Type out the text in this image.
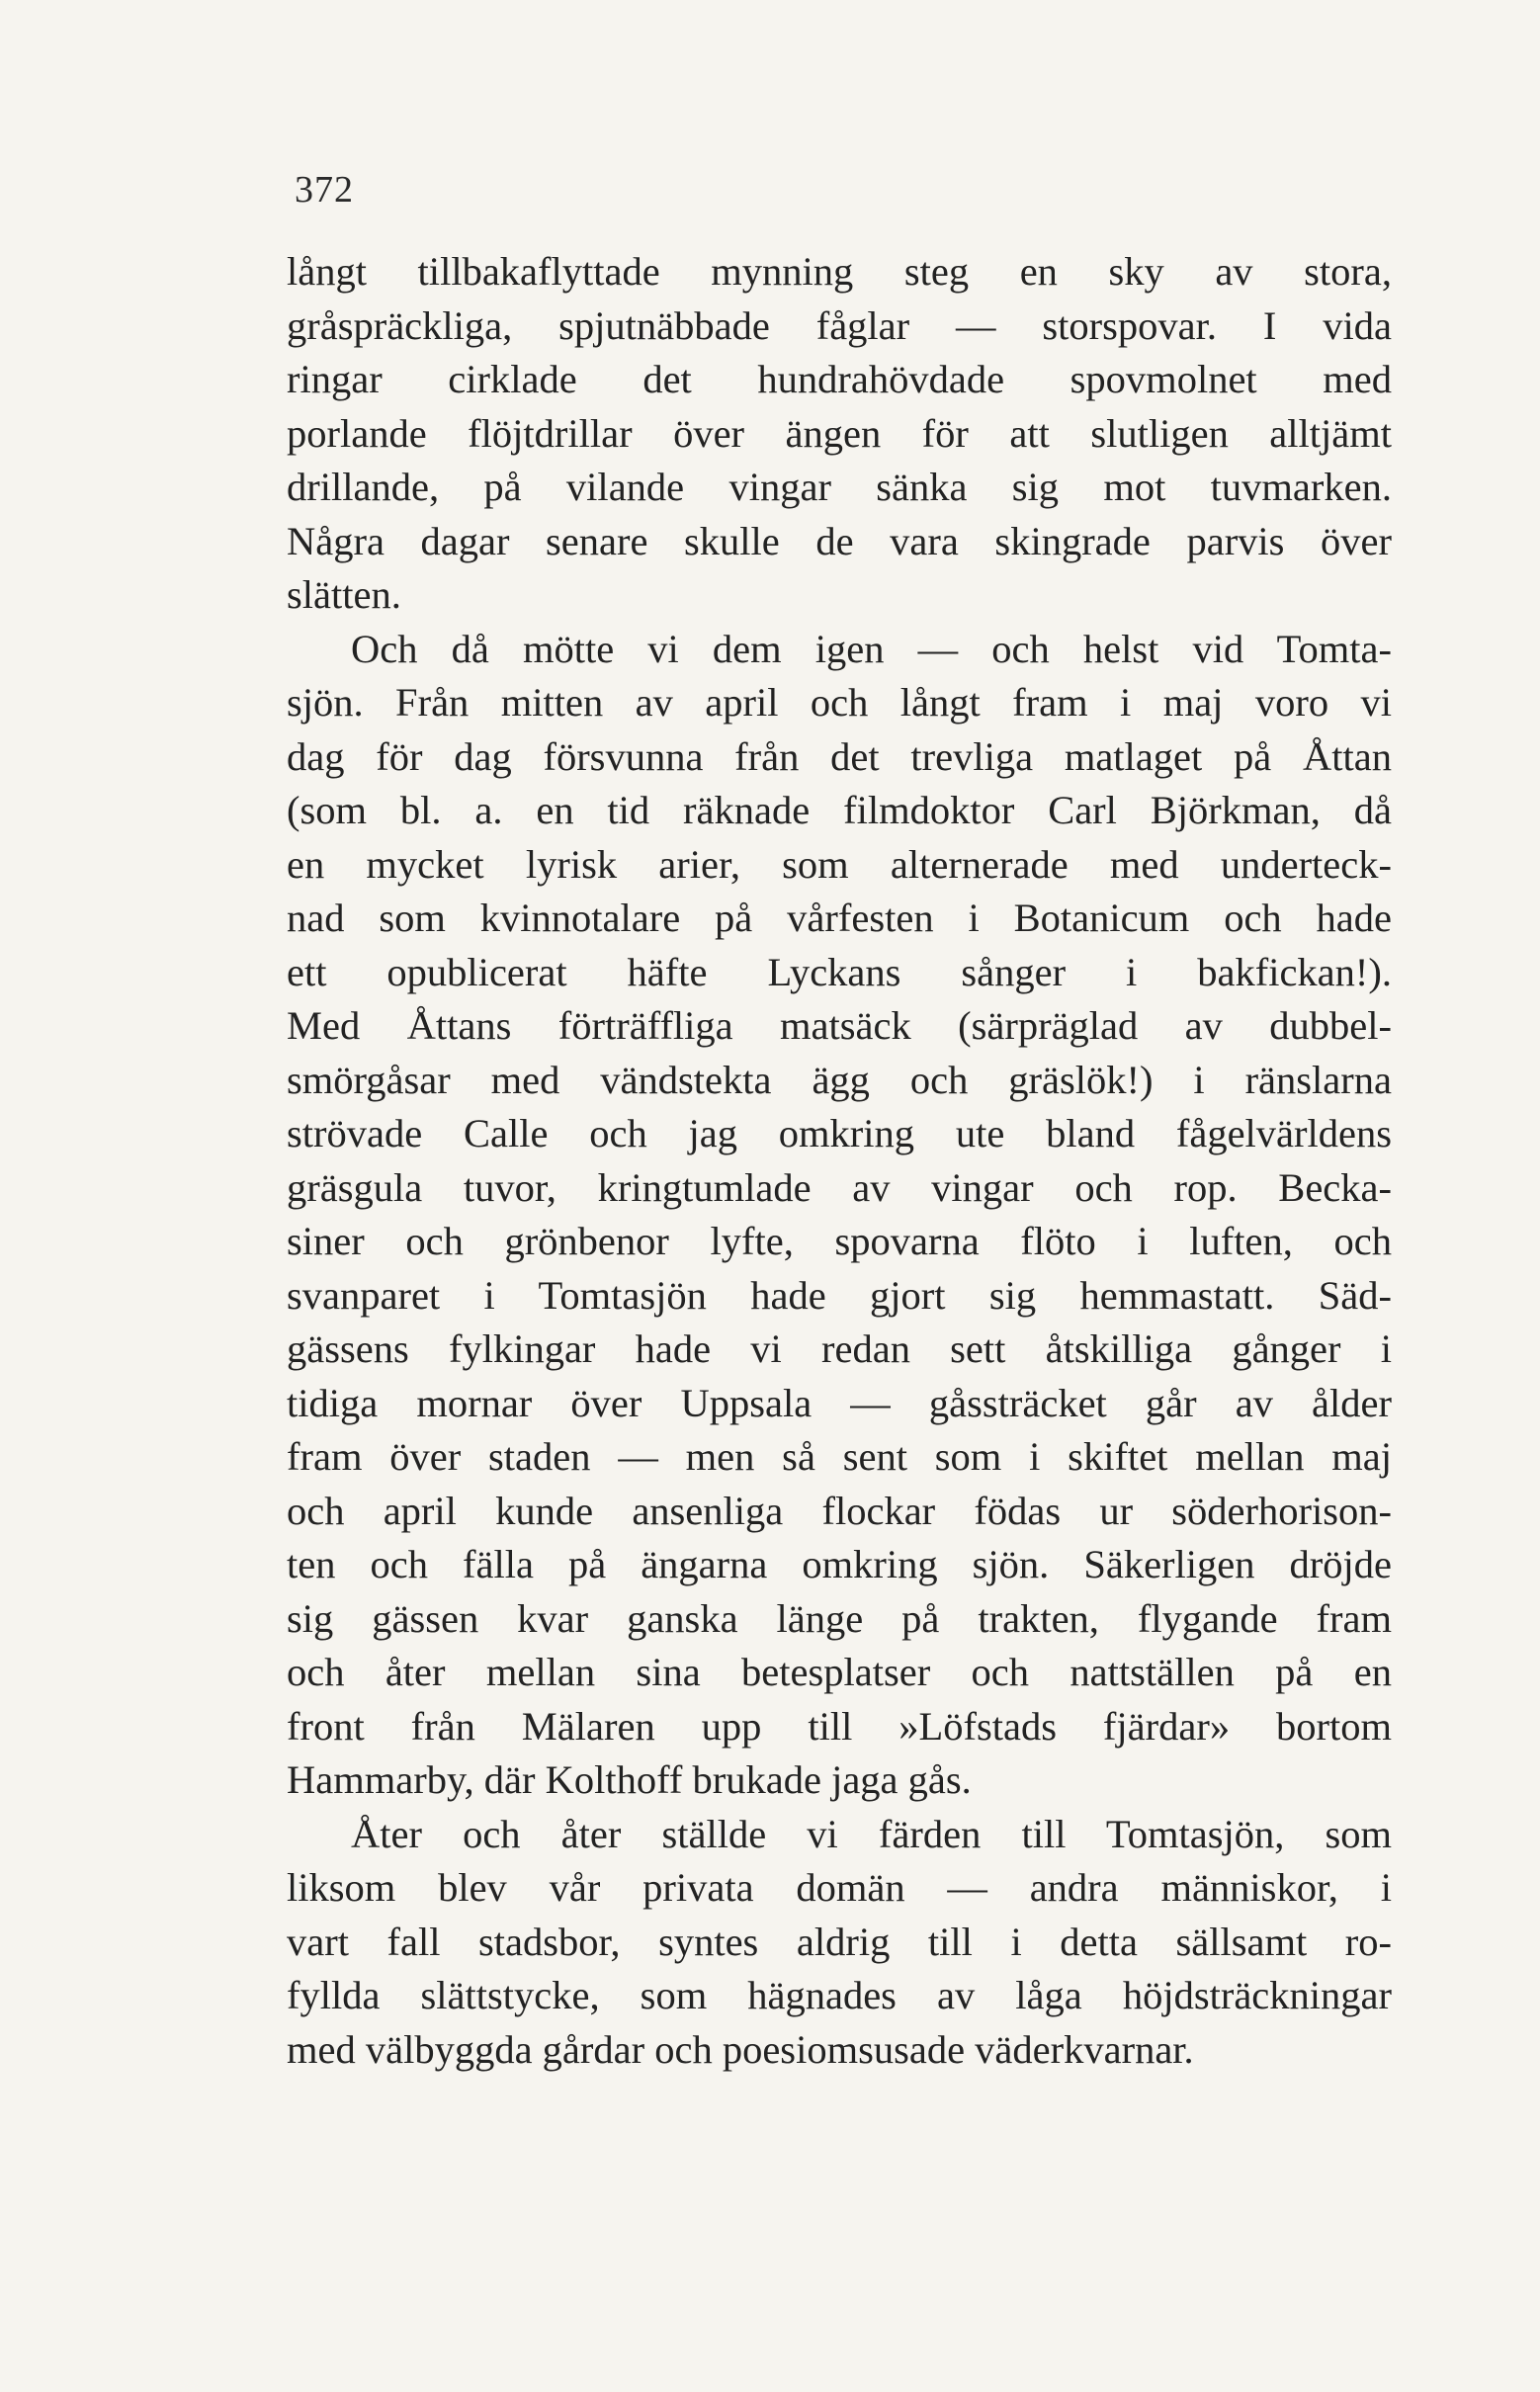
372
långt tillbakaflyttade mynning steg en sky av stora,
gråspräckliga, spjutnäbbade fåglar — storspovar. I vida
ringar cirklade det hundrahövdade spovmolnet med
porlande flöjtdrillar över ängen för att slutligen alltjämt
drillande, på vilande vingar sänka sig mot tuvmarken.
Några dagar senare skulle de vara skingrade parvis över
slätten.
Och då mötte vi dem igen — och helst vid Tomta-
sjön. Från mitten av april och långt fram i maj voro vi
dag för dag försvunna från det trevliga matlaget på Åttan
(som bl. a. en tid räknade filmdoktor Carl Björkman, då
en mycket lyrisk arier, som alternerade med underteck-
nad som kvinnotalare på vårfesten i Botanicum och hade
ett opublicerat häfte Lyckans sånger i bakfickan!).
Med Åttans förträffliga matsäck (särpräglad av dubbel-
smörgåsar med vändstekta ägg och gräslök!) i ränslarna
strövade Calle och jag omkring ute bland fågelvärldens
gräsgula tuvor, kringtumlade av vingar och rop. Becka-
siner och grönbenor lyfte, spovarna flöto i luften, och
svanparet i Tomtasjön hade gjort sig hemmastatt. Säd-
gässens fylkingar hade vi redan sett åtskilliga gånger i
tidiga mornar över Uppsala — gåssträcket går av ålder
fram över staden — men så sent som i skiftet mellan maj
och april kunde ansenliga flockar födas ur söderhorison-
ten och fälla på ängarna omkring sjön. Säkerligen dröjde
sig gässen kvar ganska länge på trakten, flygande fram
och åter mellan sina betesplatser och nattställen på en
front från Mälaren upp till »Löfstads fjärdar» bortom
Hammarby, där Kolthoff brukade jaga gås.
Åter och åter ställde vi färden till Tomtasjön, som
liksom blev vår privata domän — andra människor, i
vart fall stadsbor, syntes aldrig till i detta sällsamt ro-
fyllda slättstycke, som hägnades av låga höjdsträckningar
med välbyggda gårdar och poesiomsusade väderkvarnar.
